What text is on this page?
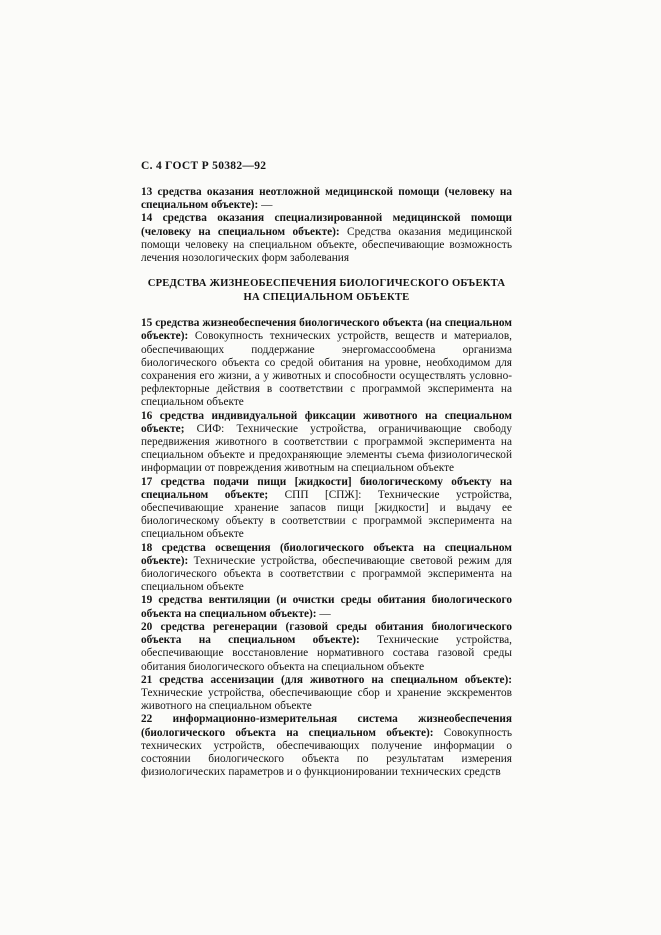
С. 4 ГОСТ Р 50382—92

13 средства оказания неотложной медицинской помощи (человеку на специальном объекте): —

14 средства оказания специализированной медицинской помощи (человеку на специальном объекте): Средства оказания медицинской помощи человеку на специальном объекте, обеспечивающие возможность лечения нозологических форм заболевания

СРЕДСТВА ЖИЗНЕОБЕСПЕЧЕНИЯ БИОЛОГИЧЕСКОГО ОБЪЕКТА
НА СПЕЦИАЛЬНОМ ОБЪЕКТЕ

15 средства жизнеобеспечения биологического объекта (на специальном объекте): Совокупность технических устройств, веществ и материалов, обеспечивающих поддержание энергомассообмена организма биологического объекта со средой обитания на уровне, необходимом для сохранения его жизни, а у животных и способности осуществлять условно-рефлекторные действия в соответствии с программой эксперимента на специальном объекте

16 средства индивидуальной фиксации животного на специальном объекте; СИФ: Технические устройства, ограничивающие свободу передвижения животного в соответствии с программой эксперимента на специальном объекте и предохраняющие элементы съема физиологической информации от повреждения животным на специальном объекте

17 средства подачи пищи [жидкости] биологическому объекту на специальном объекте; СПП [СПЖ]: Технические устройства, обеспечивающие хранение запасов пищи [жидкости] и выдачу ее биологическому объекту в соответствии с программой эксперимента на специальном объекте

18 средства освещения (биологического объекта на специальном объекте): Технические устройства, обеспечивающие световой режим для биологического объекта в соответствии с программой эксперимента на специальном объекте

19 средства вентиляции (и очистки среды обитания биологического объекта на специальном объекте): —

20 средства регенерации (газовой среды обитания биологического объекта на специальном объекте): Технические устройства, обеспечивающие восстановление нормативного состава газовой среды обитания биологического объекта на специальном объекте

21 средства ассенизации (для животного на специальном объекте): Технические устройства, обеспечивающие сбор и хранение экскрементов животного на специальном объекте

22 информационно-измерительная система жизнеобеспечения (биологического объекта на специальном объекте): Совокупность технических устройств, обеспечивающих получение информации о состоянии биологического объекта по результатам измерения физиологических параметров и о функционировании технических средств
